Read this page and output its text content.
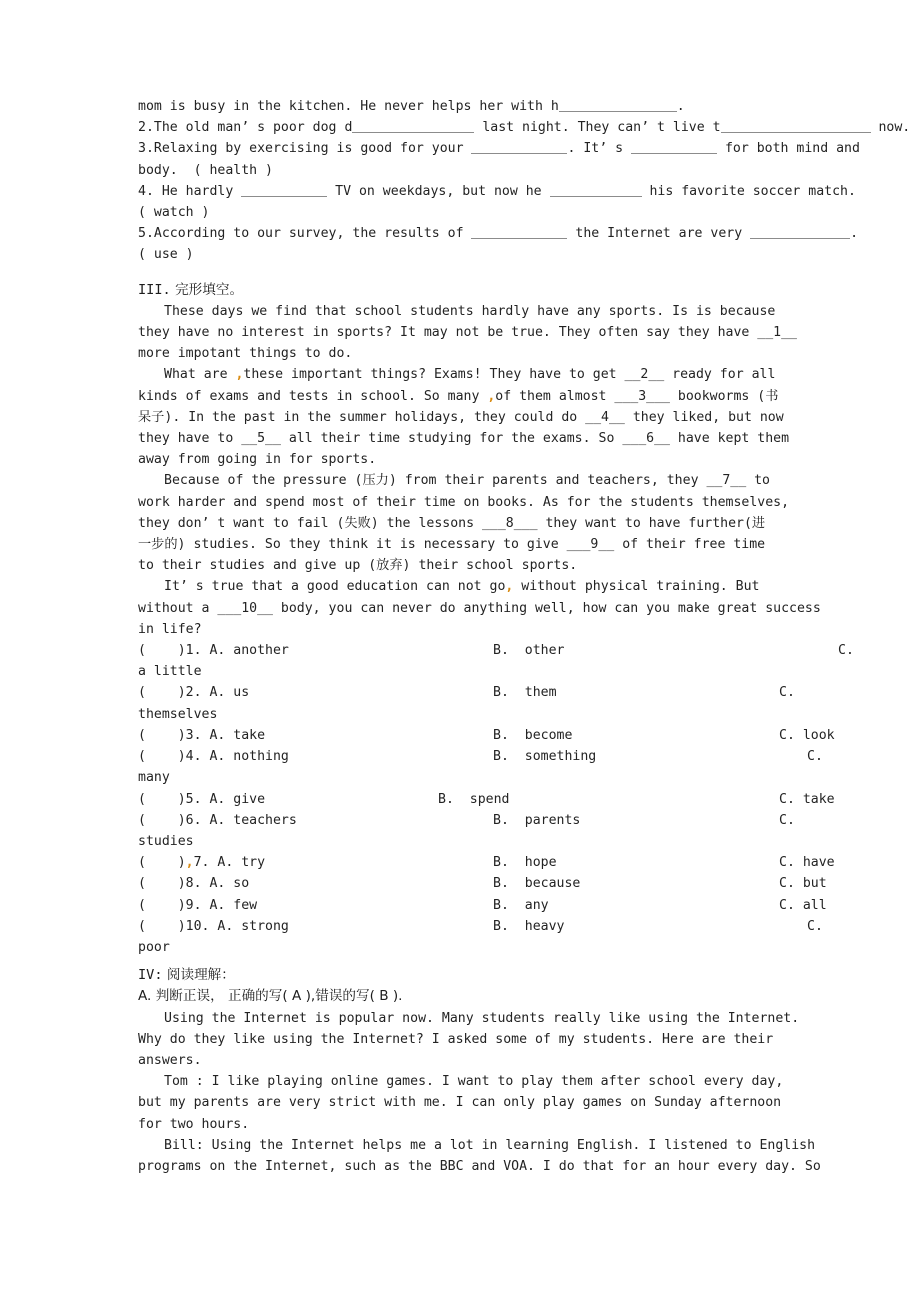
mom is busy in the kitchen. He never helps her with h	.
2.The old man’ s poor dog d	last night. They can’ t live t	now.
3.Relaxing by exercising is good for your	. It’ s	for both mind and
body.  ( health )
4. He hardly	TV on weekdays, but now he	his favorite soccer match.
( watch )
5.According to our survey, the results of	the Internet are very	.
( use )
III. 完形填空。
These days we find that school students hardly have any sports. Is is because
they have no interest in sports? It may not be true. They often say they have __1__
more impotant things to do.
What are ,these important things? Exams! They have to get __2__ ready for all
kinds of exams and tests in school. So many ,of them almost ___3___ bookworms (书
呆子). In the past in the summer holidays, they could do __4__ they liked, but now
they have to __5__ all their time studying for the exams. So ___6__ have kept them
away from going in for sports.
Because of the pressure (压力) from their parents and teachers, they __7__ to
work harder and spend most of their time on books. As for the students themselves,
they don’ t want to fail (失败) the lessons ___8___ they want to have further(进
一步的) studies. So they think it is necessary to give ___9__ of their free time
to their studies and give up (放弃) their school sports.
It’ s true that a good education can not go, without physical training. But
without a ___10__ body, you can never do anything well, how can you make great success
in life?
(    )1. A. another	B.  other	C.
a little
(    )2. A. us	B.  them	C.
themselves
(    )3. A. take	B.  become	C. look
(    )4. A. nothing	B.  something	C.
many
(    )5. A. give	B.  spend	C. take
(    )6. A. teachers	B.  parents	C.
studies
(    ),7. A. try	B.  hope	C. have
(    )8. A. so	B.  because	C. but
(    )9. A. few	B.  any	C. all
(    )10. A. strong	B.  heavy	C.
poor
IV: 阅读理解：
A. 判断正误， 正确的写( A ),错误的写( B ).
Using the Internet is popular now. Many students really like using the Internet.
Why do they like using the Internet? I asked some of my students. Here are their
answers.
Tom : I like playing online games. I want to play them after school every day,
but my parents are very strict with me. I can only play games on Sunday afternoon
for two hours.
Bill: Using the Internet helps me a lot in learning English. I listened to English
programs on the Internet, such as the BBC and VOA. I do that for an hour every day. So
